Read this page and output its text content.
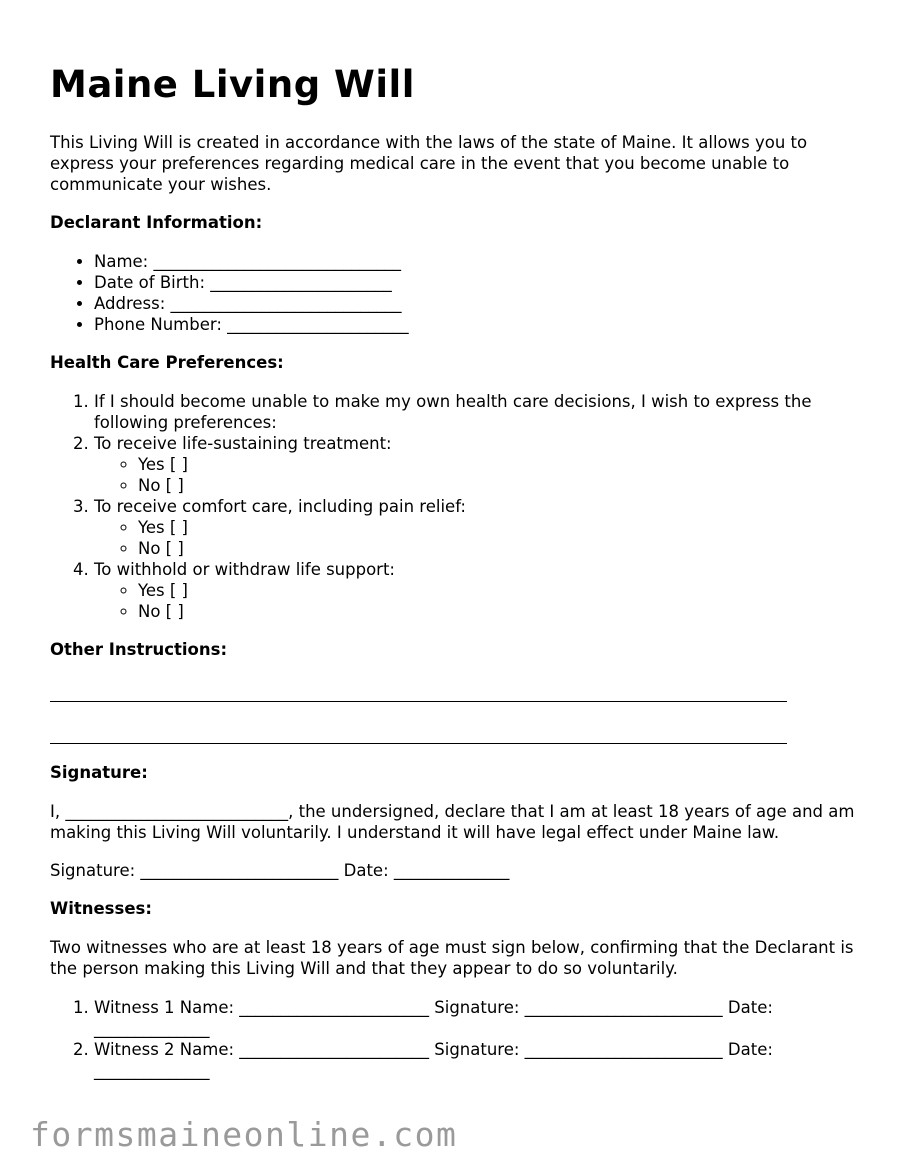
Maine Living Will

This Living Will is created in accordance with the laws of the state of Maine. It allows you to express your preferences regarding medical care in the event that you become unable to communicate your wishes.

Declarant Information:
• Name: ______________________________
• Date of Birth: ______________________
• Address: ____________________________
• Phone Number: ______________________
Health Care Preferences:
1. If I should become unable to make my own health care decisions, I wish to express the following preferences:
2. To receive life-sustaining treatment:
◦ Yes [ ]
◦ No [ ]
3. To receive comfort care, including pain relief:
◦ Yes [ ]
◦ No [ ]
4. To withhold or withdraw life support:
◦ Yes [ ]
◦ No [ ]
Other Instructions:
Signature:

I, ___________________________, the undersigned, declare that I am at least 18 years of age and am making this Living Will voluntarily. I understand it will have legal effect under Maine law.

Signature: ________________________ Date: ______________

Witnesses:

Two witnesses who are at least 18 years of age must sign below, confirming that the Declarant is the person making this Living Will and that they appear to do so voluntarily.

1. Witness 1 Name: _______________________ Signature: ________________________ Date: ______________
2. Witness 2 Name: _______________________ Signature: ________________________ Date: ______________
formsmaineonline.com
